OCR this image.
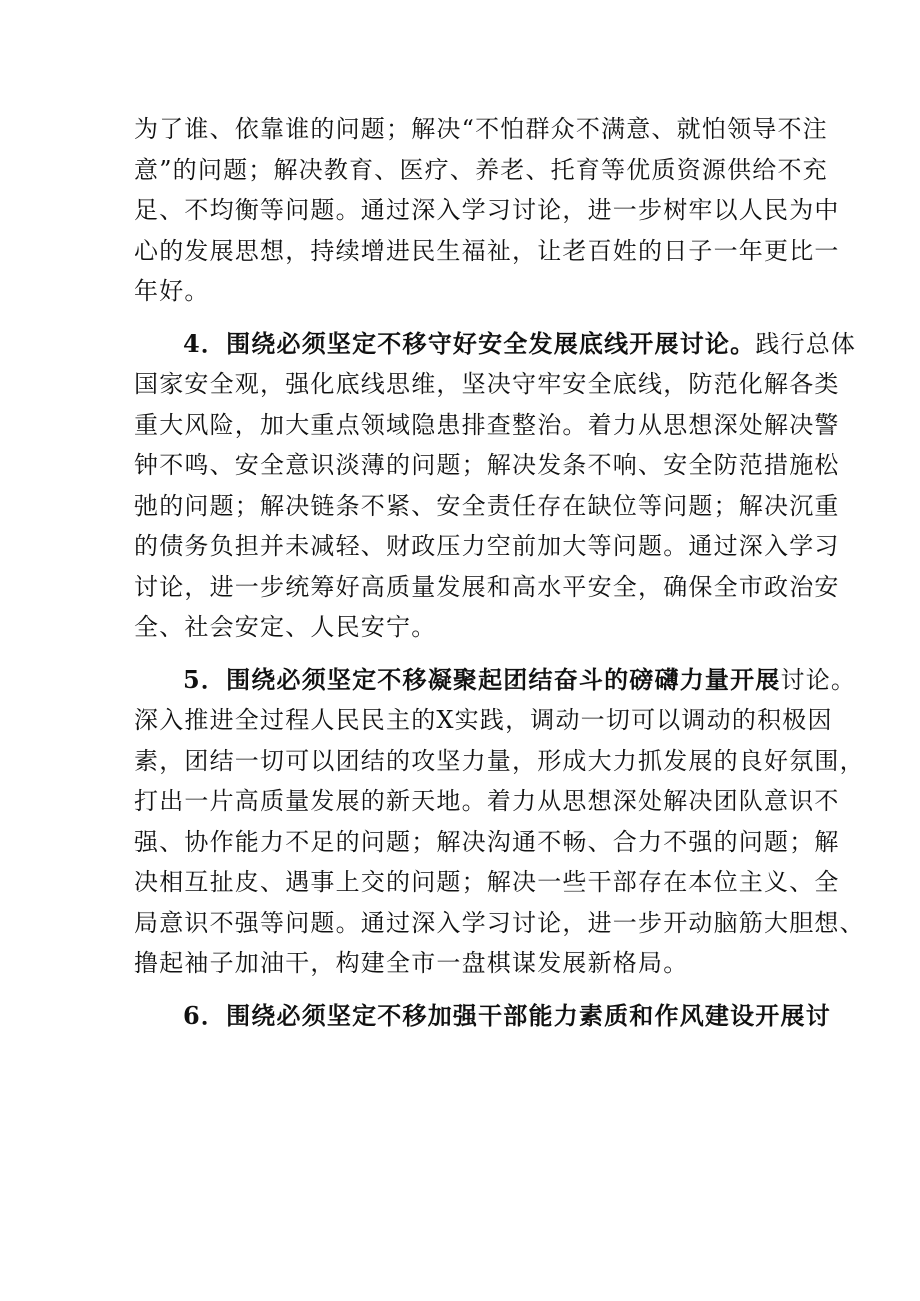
为了谁、依靠谁的问题；解决“不怕群众不满意、就怕领导不注

意”的问题；解决教育、医疗、养老、托育等优质资源供给不充

足、不均衡等问题。通过深入学习讨论，进一步树牢以人民为中

心的发展思想，持续增进民生福祉，让老百姓的日子一年更比一

年好。

4．围绕必须坚定不移守好安全发展底线开展讨论。践行总体

国家安全观，强化底线思维，坚决守牢安全底线，防范化解各类

重大风险，加大重点领域隐患排查整治。着力从思想深处解决警

钟不鸣、安全意识淡薄的问题；解决发条不响、安全防范措施松

弛的问题；解决链条不紧、安全责任存在缺位等问题；解决沉重

的债务负担并未减轻、财政压力空前加大等问题。通过深入学习

讨论，进一步统筹好高质量发展和高水平安全，确保全市政治安

全、社会安定、人民安宁。

5．围绕必须坚定不移凝聚起团结奋斗的磅礴力量开展讨论。

深入推进全过程人民民主的X实践，调动一切可以调动的积极因

素，团结一切可以团结的攻坚力量，形成大力抓发展的良好氛围，

打出一片高质量发展的新天地。着力从思想深处解决团队意识不

强、协作能力不足的问题；解决沟通不畅、合力不强的问题；解

决相互扯皮、遇事上交的问题；解决一些干部存在本位主义、全

局意识不强等问题。通过深入学习讨论，进一步开动脑筋大胆想、

撸起袖子加油干，构建全市一盘棋谋发展新格局。

6．围绕必须坚定不移加强干部能力素质和作风建设开展讨
